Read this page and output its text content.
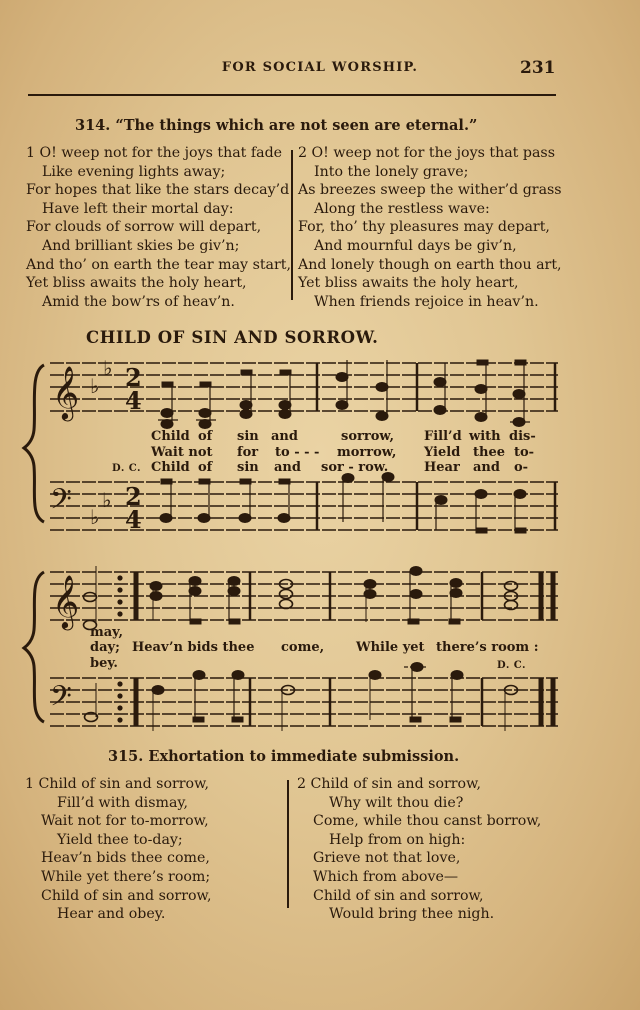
FOR SOCIAL WORSHIP.	231
314. “The things which are not seen are eternal.”
1 O! weep not for the joys that fade
Like evening lights away;
For hopes that like the stars decay’d
Have left their mortal day:
For clouds of sorrow will depart,
And brilliant skies be giv’n;
And tho’ on earth the tear may start,
Yet bliss awaits the holy heart,
Amid the bow’rs of heav’n.
2 O! weep not for the joys that pass
Into the lonely grave;
As breezes sweep the wither’d grass
Along the restless wave:
For, tho’ thy pleasures may depart,
And mournful days be giv’n,
And lonely though on earth thou art,
Yet bliss awaits the holy heart,
When friends rejoice in heav’n.
CHILD OF SIN AND SORROW.
𝄞
𝄢
♭
♭
♭
♭
2
4
2
4
Child of sin and	sorrow, Fill’d with dis-
Wait not for to - - - morrow, Yield thee to-
D. C. Child of sin and sor - row.	Hear and o-
𝄞
𝄢
may,
day; Heav’n bids thee come, While yet there’s room :
bey.	D. C.
315. Exhortation to immediate submission.
1 Child of sin and sorrow,
Fill’d with dismay,
Wait not for to-morrow,
Yield thee to-day;
Heav’n bids thee come,
While yet there’s room;
Child of sin and sorrow,
Hear and obey.
2 Child of sin and sorrow,
Why wilt thou die?
Come, while thou canst borrow,
Help from on high:
Grieve not that love,
Which from above—
Child of sin and sorrow,
Would bring thee nigh.
